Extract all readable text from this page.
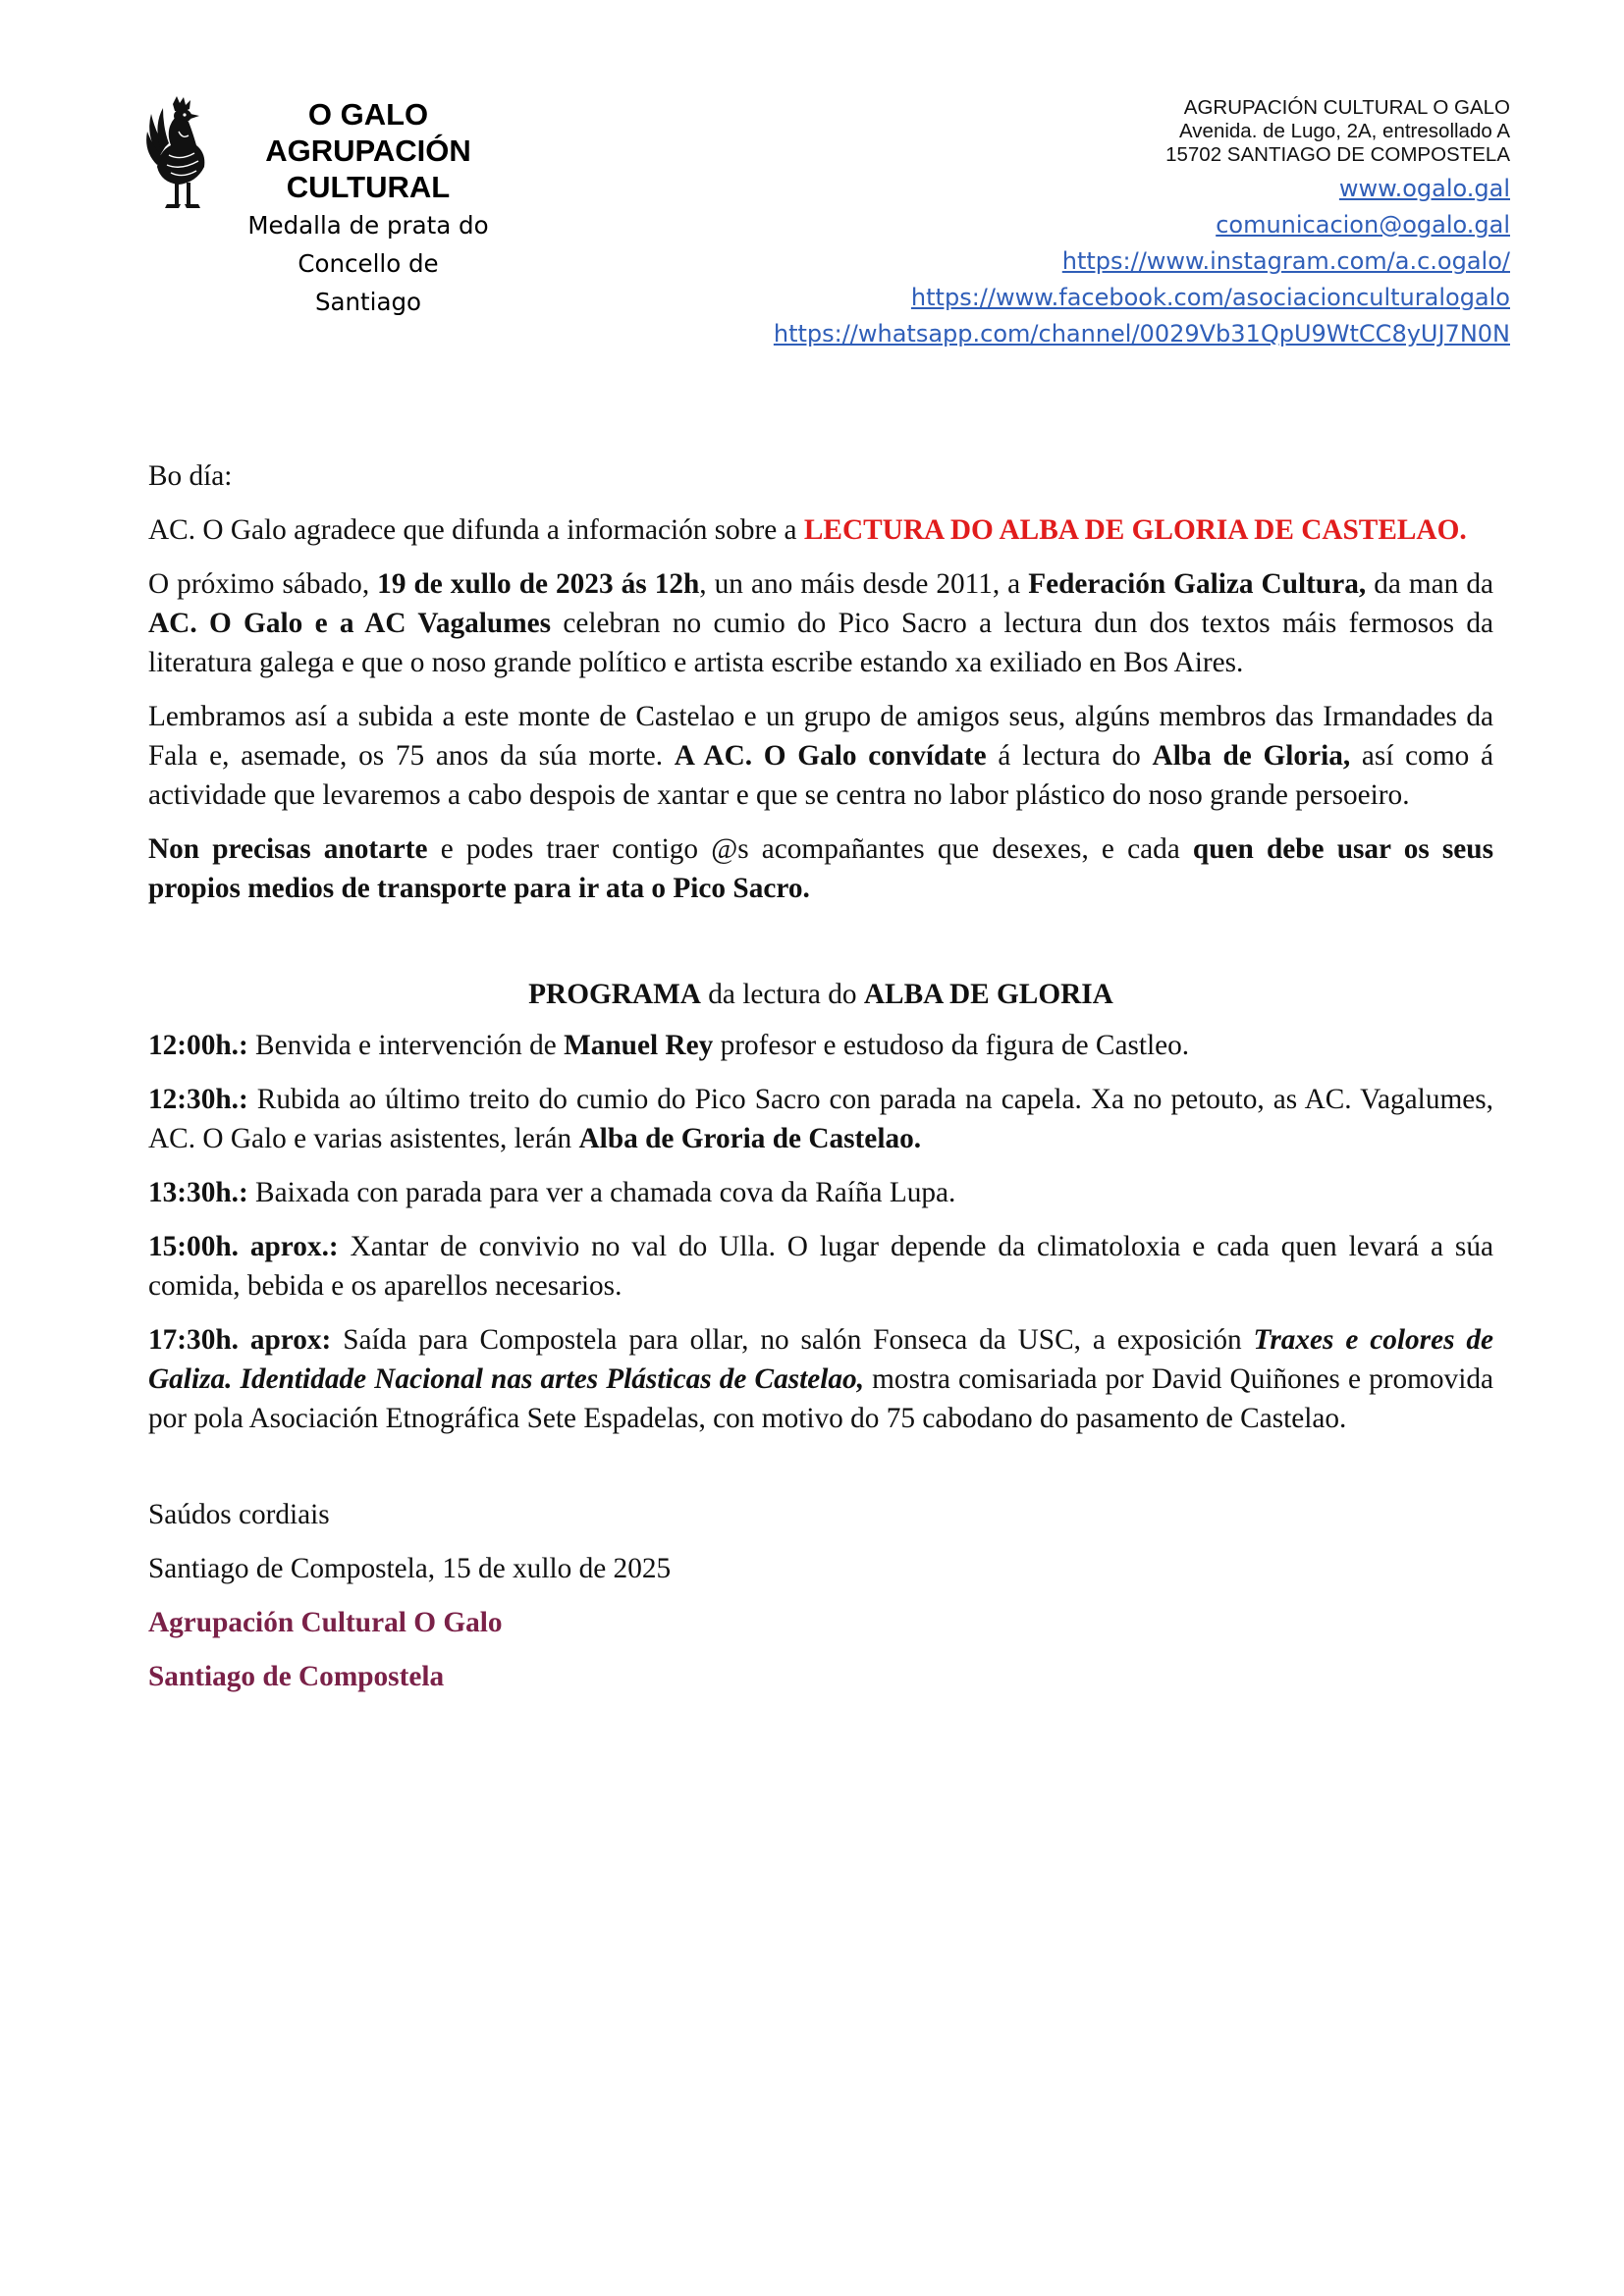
O GALO
AGRUPACIÓN
CULTURAL
Medalla de prata do
Concello de
Santiago
AGRUPACIÓN CULTURAL O GALO
Avenida. de Lugo, 2A, entresollado A
15702 SANTIAGO DE COMPOSTELA
www.ogalo.gal
comunicacion@ogalo.gal
https://www.instagram.com/a.c.ogalo/
https://www.facebook.com/asociacionculturalogalo
https://whatsapp.com/channel/0029Vb31QpU9WtCC8yUJ7N0N

Bo día:

AC. O Galo agradece que difunda a información sobre a LECTURA DO ALBA DE GLORIA DE CASTELAO.

O próximo sábado, 19 de xullo de 2023 ás 12h, un ano máis desde 2011, a Federación Galiza Cultura, da man da AC. O Galo e a AC Vagalumes celebran no cumio do Pico Sacro a lectura dun dos textos máis fermosos da literatura galega e que o noso grande político e artista escribe estando xa exiliado en Bos Aires.

Lembramos así a subida a este monte de Castelao e un grupo de amigos seus, algúns membros das Irmandades da Fala e, asemade, os 75 anos da súa morte. A AC. O Galo convídate á lectura do Alba de Gloria, así como á actividade que levaremos a cabo despois de xantar e que se centra no labor plástico do noso grande persoeiro.

Non precisas anotarte e podes traer contigo @s acompañantes que desexes, e cada quen debe usar os seus propios medios de transporte para ir ata o Pico Sacro.

PROGRAMA da lectura do ALBA DE GLORIA

12:00h.: Benvida e intervención de Manuel Rey profesor e estudoso da figura de Castleo.

12:30h.: Rubida ao último treito do cumio do Pico Sacro con parada na capela. Xa no petouto, as AC. Vagalumes, AC. O Galo e varias asistentes, lerán Alba de Groria de Castelao.

13:30h.: Baixada con parada para ver a chamada cova da Raíña Lupa.

15:00h. aprox.: Xantar de convivio no val do Ulla. O lugar depende da climatoloxia e cada quen levará a súa comida, bebida e os aparellos necesarios.

17:30h. aprox: Saída para Compostela para ollar, no salón Fonseca da USC, a exposición Traxes e colores de Galiza. Identidade Nacional nas artes Plásticas de Castelao, mostra comisariada por David Quiñones e promovida por pola Asociación Etnográfica Sete Espadelas, con motivo do 75 cabodano do pasamento de Castelao.

Saúdos cordiais

Santiago de Compostela, 15 de xullo de 2025

Agrupación Cultural O Galo

Santiago de Compostela
